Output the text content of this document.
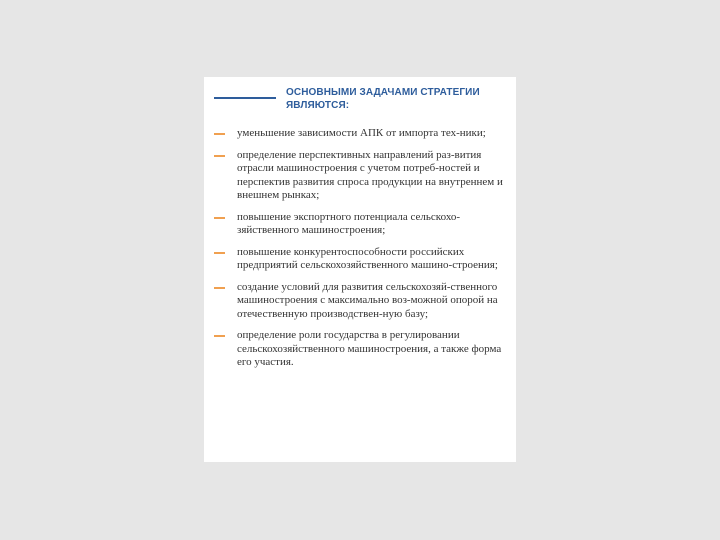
ОСНОВНЫМИ ЗАДАЧАМИ СТРАТЕГИИ ЯВЛЯЮТСЯ:
уменьшение зависимости АПК от импорта тех-ники;
определение перспективных направлений раз-вития отрасли машиностроения с учетом потреб-ностей и перспектив развития спроса продукции на внутреннем и внешнем рынках;
повышение экспортного потенциала сельскохо-зяйственного машиностроения;
повышение конкурентоспособности российских предприятий сельскохозяйственного машино-строения;
создание условий для развития сельскохозяй-ственного машиностроения с максимально воз-можной опорой на отечественную производствен-ную базу;
определение роли государства в регулировании сельскохозяйственного машиностроения, а также форма его участия.
